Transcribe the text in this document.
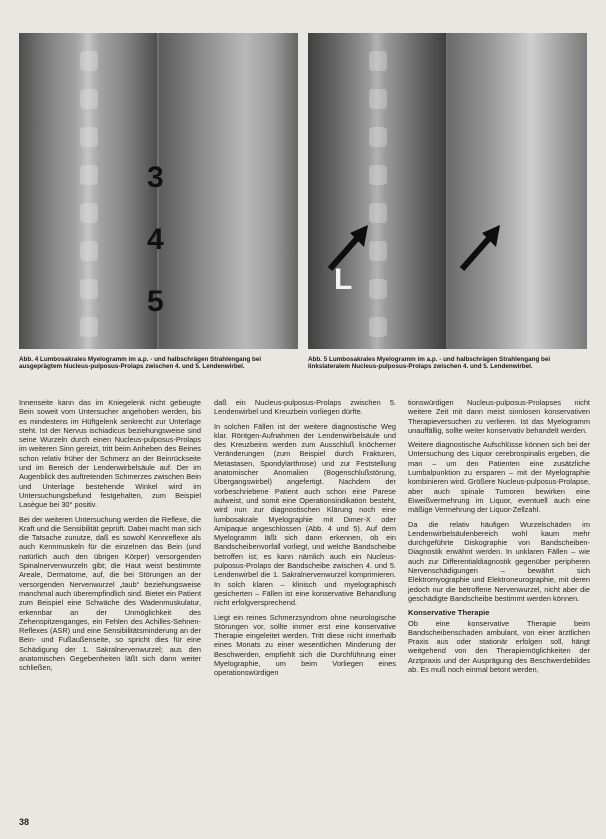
3
4
5
L
Abb. 4 Lumbosakrales Myelogramm im a.p. - und halbschrägen Strahlengang bei ausgeprägtem Nucleus-pulposus-Prolaps zwischen 4. und 5. Lendenwirbel.
Abb. 5 Lumbosakrales Myelogramm im a.p. - und halbschrägen Strahlengang bei linkslateralem Nucleus-pulposus-Prolaps zwischen 4. und 5. Lendenwirbel.

Innenseite kann das im Kniegelenk nicht gebeugte Bein soweit vom Untersucher angehoben werden, bis es mindestens im Hüftgelenk senkrecht zur Unterlage steht. Ist der Nervus ischiadicus beziehungsweise sind seine Wurzeln durch einen Nucleus-pulposus-Prolaps im weiteren Sinn gereizt, tritt beim Anheben des Beines schon relativ früher der Schmerz an der Beinrückseite und im Bereich der Lendenwirbelsäule auf. Der im Augenblick des auftretenden Schmerzes zwischen Bein und Unterlage bestehende Winkel wird im Untersuchungsbefund festgehalten, zum Beispiel Lasègue bei 30° positiv.

Bei der weiteren Untersuchung werden die Reflexe, die Kraft und die Sensibilität geprüft. Dabei macht man sich die Tatsache zunutze, daß es sowohl Kennreflexe als auch Kennmuskeln für die einzelnen das Bein (und natürlich auch den übrigen Körper) versorgenden Spinalnervenwurzeln gibt; die Haut weist bestimmte Areale, Dermatome, auf, die bei Störungen an der versorgenden Nervenwurzel „taub“ beziehungsweise manchmal auch überempfindlich sind. Bietet ein Patient zum Beispiel eine Schwäche des Wadenmuskulatur, erkennbar an der Unmöglichkeit des Zehenspitzenganges, ein Fehlen des Achilles-Sehnen-Reflexes (ASR) und eine Sensibilitätsminderung an der Bein- und Fußaußenseite, so spricht dies für eine Schädigung der 1. Sakralnervenwurzel; aus den anatomischen Gegebenheiten läßt sich dann weiter schließen,

daß ein Nucleus-pulposus-Prolaps zwischen 5. Lendenwirbel und Kreuzbein vorliegen dürfte.

In solchen Fällen ist der weitere diagnostische Weg klar. Röntgen-Aufnahmen der Lendenwirbelsäule und des Kreuzbeins werden zum Ausschluß knöcherner Veränderungen (zum Beispiel durch Frakturen, Metastasen, Spondylarthrose) und zur Feststellung anatomischer Anomalien (Bogenschlußstörung, Übergangswirbel) angefertigt. Nachdem der vorbeschriebene Patient auch schon eine Parese aufweist, und somit eine Operationsindikation besteht, wird nun zur diagnostischen Klärung noch eine lumbosakrale Myelographie mit Dimer-X oder Amipaque angeschlossen (Abb. 4 und 5). Auf dem Myelogramm läßt sich dann erkennen, ob ein Bandscheibenvorfall vorliegt, und welche Bandscheibe betroffen ist; es kann nämlich auch ein Nucleus-pulposus-Prolaps der Bandscheibe zwischen 4. und 5. Lendenwirbel die 1. Sakralnervenwurzel komprimieren. In solch klaren – klinisch und myelographisch gesicherten – Fällen ist eine konservative Behandlung nicht erfolgversprechend.

Liegt ein reines Schmerzsyndrom ohne neurologische Störungen vor, sollte immer erst eine konservative Therapie eingeleitet werden. Tritt diese nicht innerhalb eines Monats zu einer wesentlichen Minderung der Beschwerden, empfiehlt sich die Durchführung einer Myelographie, um beim Vorliegen eines operationswürdigen

tionswürdigen Nucleus-pulposus-Prolapses nicht weitere Zeit mit dann meist sinnlosen konservativen Therapieversuchen zu verlieren. Ist das Myelogramm unauffällig, sollte weiter konservativ behandelt werden.

Weitere diagnostische Aufschlüsse können sich bei der Untersuchung des Liquor cerebrospinalis ergeben, die man – um den Patienten eine zusätzliche Lumbalpunktion zu ersparen – mit der Myelographie kombinieren wird. Größere Nucleus-pulposus-Prolapse, aber auch spinale Tumoren bewirken eine Eiweißvermehrung im Liquor, eventuell auch eine mäßige Vermehrung der Liquor-Zellzahl.

Da die relativ häufigen Wurzelschäden im Lendenwirbelsäulenbereich wohl kaum mehr durchgeführte Diskographie von Bandscheiben-Diagnostik erwähnt werden. In unklaren Fällen – wie auch zur Differentialdiagnostik gegenüber peripheren Nervenschädigungen – bewährt sich Elektromyographie und Elektroneurographie, mit deren jedoch nur die betroffene Nervenwurzel, nicht aber die geschädigte Bandscheibe bestimmt werden können.

Konservative Therapie

Ob eine konservative Therapie beim Bandscheibenschaden ambulant, von einer ärztlichen Praxis aus oder stationär erfolgen soll, hängt weitgehend von den Therapiemöglichkeiten der Arztpraxis und der Ausprägung des Beschwerdebildes ab. Es muß noch einmal betont werden,

38
